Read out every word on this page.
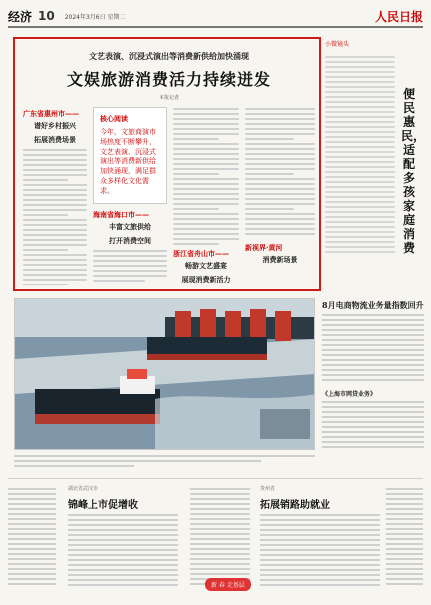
经济 10 2024年3月6日 星期二	人民日报
文艺表演、沉浸式演出等消费新供给加快涌现
文娱旅游消费活力持续迸发
本报记者
广东省惠州市——
谱好乡村振兴
拓展消费场景
核心阅读
今年，文旅商演市场热度不断攀升，文艺表演、沉浸式演出等消费新供给加快涌现，满足群众多样化文化需求。
海南省海口市——
丰富文旅供给
打开消费空间
浙江省舟山市——
畅游文艺盛宴
展现消费新活力
新视界·黄河
消费新场景
小微镜头
便民惠民，适配多孩家庭消费
8月电商物流业务量指数回升
《上海市网贷业务》
湖北省武汉市
锦峰上市促增收
贵州省
拓展销路助就业
新 春 走基层
